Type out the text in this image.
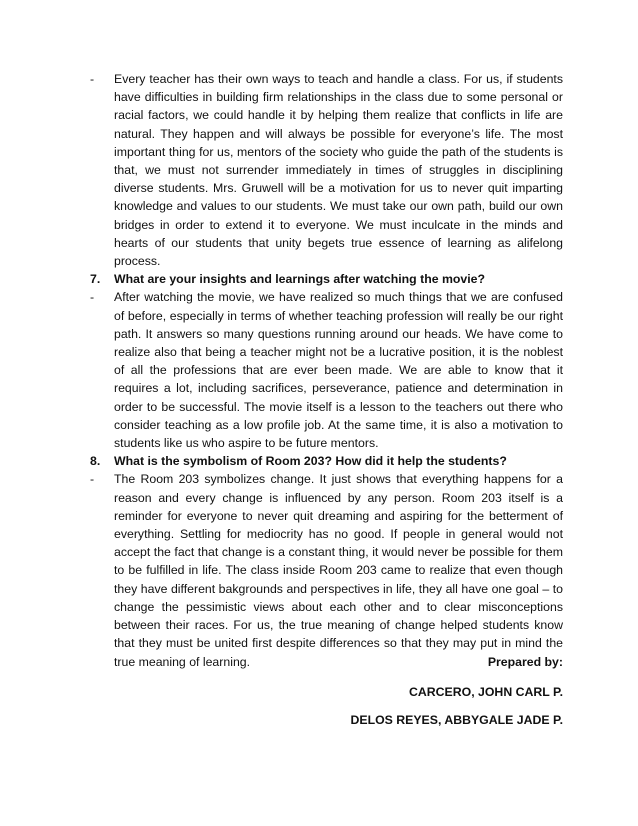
-	Every teacher has their own ways to teach and handle a class. For us, if students have difficulties in building firm relationships in the class due to some personal or racial factors, we could handle it by helping them realize that conflicts in life are natural. They happen and will always be possible for everyone’s life. The most important thing for us, mentors of the society who guide the path of the students is that, we must not surrender immediately in times of struggles in disciplining diverse students. Mrs. Gruwell will be a motivation for us to never quit imparting knowledge and values to our students. We must take our own path, build our own bridges in order to extend it to everyone. We must inculcate in the minds and hearts of our students that unity begets true essence of learning as alifelong process.
7.	What are your insights and learnings after watching the movie?
-	After watching the movie, we have realized so much things that we are confused of before, especially in terms of whether teaching profession will really be our right path. It answers so many questions running around our heads. We have come to realize also that being a teacher might not be a lucrative position, it is the noblest of all the professions that are ever been made. We are able to know that it requires a lot, including sacrifices, perseverance, patience and determination in order to be successful. The movie itself is a lesson to the teachers out there who consider teaching as a low profile job. At the same time, it is also a motivation to students like us who aspire to be future mentors.
8.	What is the symbolism of Room 203? How did it help the students?
-	The Room 203 symbolizes change. It just shows that everything happens for a reason and every change is influenced by any person. Room 203 itself is a reminder for everyone to never quit dreaming and aspiring for the betterment of everything. Settling for mediocrity has no good. If people in general would not accept the fact that change is a constant thing, it would never be possible for them to be fulfilled in life. The class inside Room 203 came to realize that even though they have different bakgrounds and perspectives in life, they all have one goal – to change the pessimistic views about each other and to clear misconceptions between their races. For us, the true meaning of change helped students know that they must be united first despite differences so that they may put in mind the true meaning of learning.	Prepared by:
CARCERO, JOHN CARL P.
DELOS REYES, ABBYGALE JADE P.
